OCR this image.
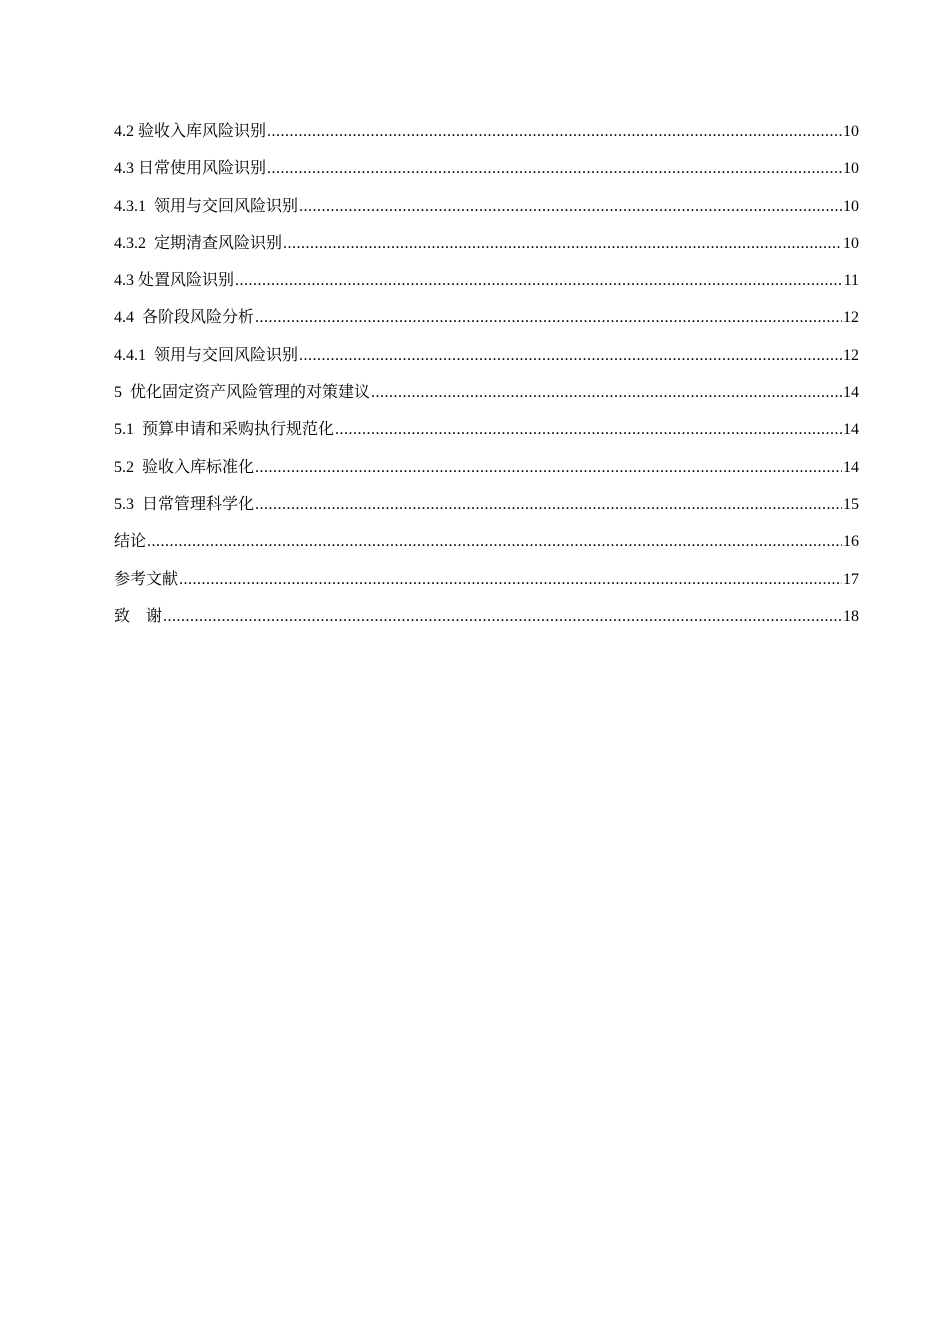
4.2 验收入库风险识别 .....	10
4.3 日常使用风险识别 .....	10
4.3.1  领用与交回风险识别 .....	10
4.3.2  定期清查风险识别 .....	10
4.3 处置风险识别 .....	11
4.4  各阶段风险分析 .....	12
4.4.1  领用与交回风险识别 .....	12
5  优化固定资产风险管理的对策建议 .....	14
5.1  预算申请和采购执行规范化 .....	14
5.2  验收入库标准化 .....	14
5.3  日常管理科学化 .....	15
结论 .....	16
参考文献 .....	17
致    谢 .....	18
